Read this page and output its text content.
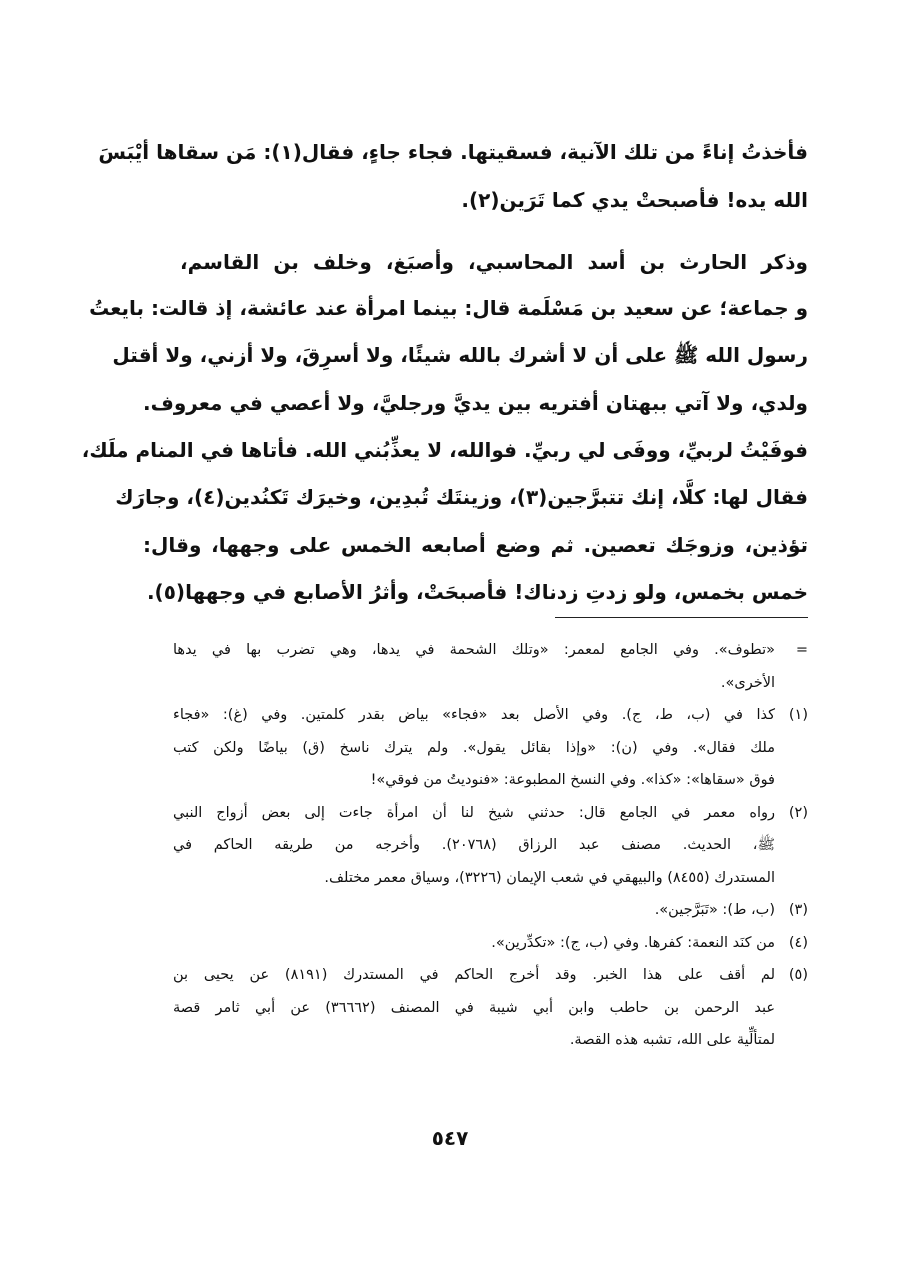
فأخذتُ إناءً من تلك الآنية، فسقيتها. فجاء جاءٍ، فقال(١): مَن سقاها أيْبَسَ
الله يده! فأصبحتْ يدي كما تَرَين(٢).
وذكر الحارث بن أسد المحاسبي، وأصبَغ، وخلف بن القاسم،
و جماعة؛ عن سعيد بن مَسْلَمة قال: بينما امرأة عند عائشة، إذ قالت: بايعتُ
رسول الله ﷺ على أن لا أشرك بالله شيئًا، ولا أسرِقَ، ولا أزني، ولا أقتل
ولدي، ولا آتي ببهتان أفتريه بين يديَّ ورجليَّ، ولا أعصي في معروف.
فوفَيْتُ لربيِّ، ووفَى لي ربيِّ. فوالله، لا يعذِّبُني الله. فأتاها في المنام ملَك،
فقال لها: كلَّا، إنك تتبرَّجين(٣)، وزينتَك تُبدِين، وخيرَك تَكنُدين(٤)، وجارَك
تؤذين، وزوجَك تعصين. ثم وضع أصابعه الخمس على وجهها، وقال:
خمس بخمس، ولو زدتِ زدناك! فأصبحَتْ، وأثرُ الأصابع في وجهها(٥).
=
«تطوف». وفي الجامع لمعمر: «وتلك الشحمة في يدها، وهي تضرب بها في يدها
الأخرى».
(١)
كذا في (ب، ط، ج). وفي الأصل بعد «فجاء» بياض بقدر كلمتين. وفي (غ): «فجاء
ملك فقال». وفي (ن): «وإذا بقائل يقول». ولم يترك ناسخ (ق) بياضًا ولكن كتب
فوق «سقاها»: «كذا». وفي النسخ المطبوعة: «فنوديتُ من فوقي»!
(٢)
رواه معمر في الجامع قال: حدثني شيخ لنا أن امرأة جاءت إلى بعض أزواج النبي
ﷺ، الحديث. مصنف عبد الرزاق (٢٠٧٦٨). وأخرجه من طريقه الحاكم في
المستدرك (٨٤٥٥) والبيهقي في شعب الإيمان (٣٢٢٦)، وسياق معمر مختلف.
(٣)
(ب، ط): «تَبَرَّجين».
(٤)
من كنَد النعمة: كفرها. وفي (ب، ج): «تكدِّرين».
(٥)
لم أقف على هذا الخبر. وقد أخرج الحاكم في المستدرك (٨١٩١) عن يحيى بن
عبد الرحمن بن حاطب وابن أبي شيبة في المصنف (٣٦٦٦٢) عن أبي ثامر قصة
لمتألِّية على الله، تشبه هذه القصة.
٥٤٧
